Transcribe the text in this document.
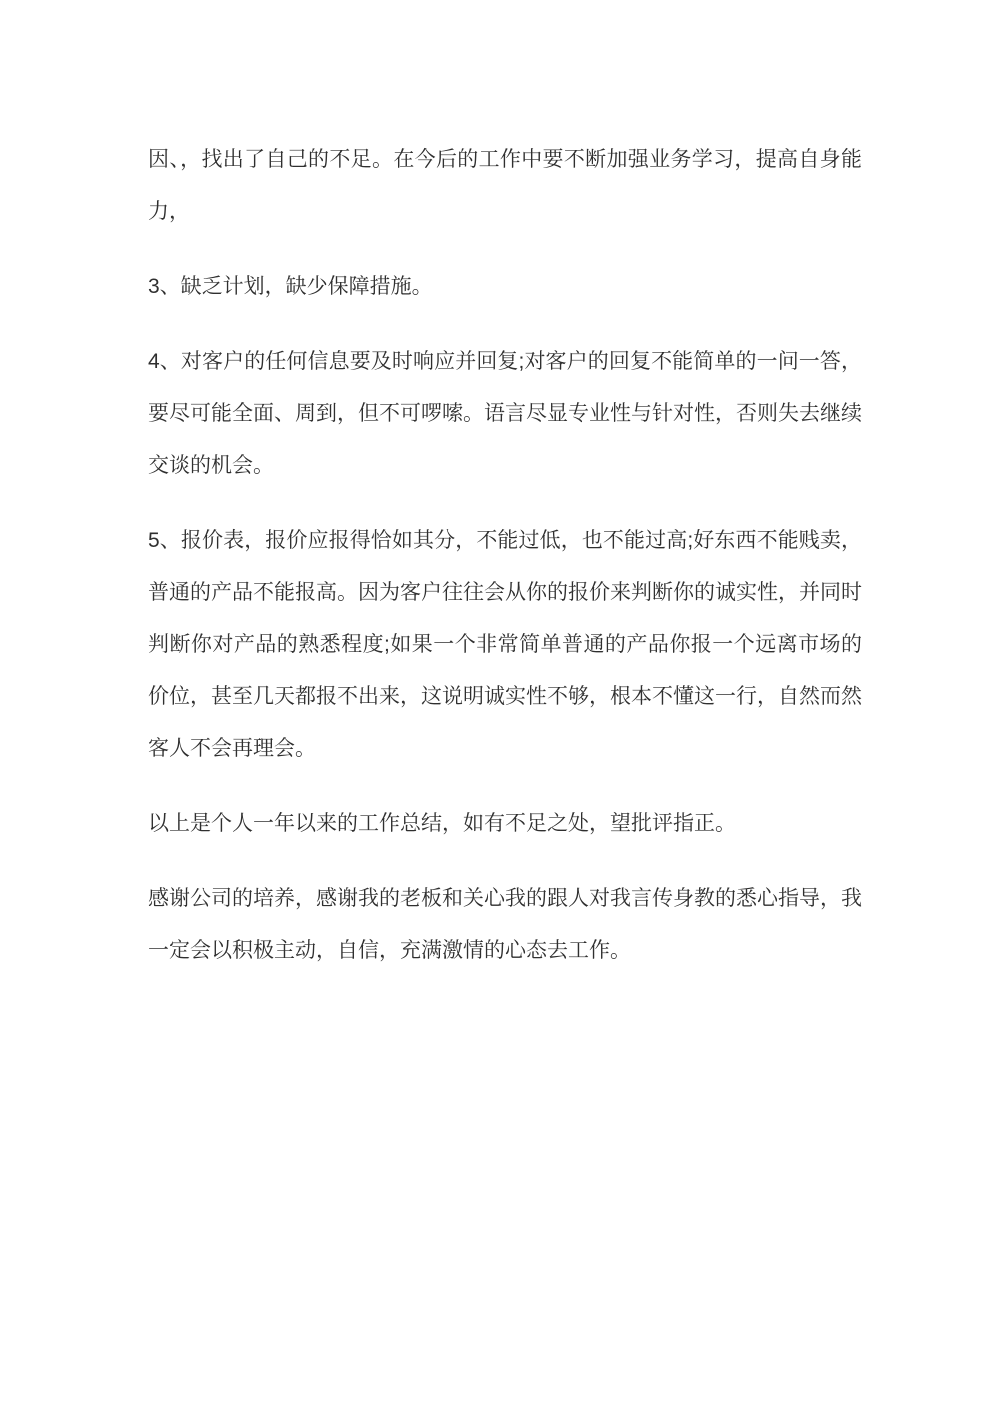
因、，找出了自己的不足。在今后的工作中要不断加强业务学习，提高自身能力，

3、缺乏计划，缺少保障措施。

4、对客户的任何信息要及时响应并回复;对客户的回复不能简单的一问一答，要尽可能全面、周到，但不可啰嗦。语言尽显专业性与针对性，否则失去继续交谈的机会。

5、报价表，报价应报得恰如其分，不能过低，也不能过高;好东西不能贱卖，普通的产品不能报高。因为客户往往会从你的报价来判断你的诚实性，并同时判断你对产品的熟悉程度;如果一个非常简单普通的产品你报一个远离市场的价位，甚至几天都报不出来，这说明诚实性不够，根本不懂这一行，自然而然客人不会再理会。

以上是个人一年以来的工作总结，如有不足之处，望批评指正。

感谢公司的培养，感谢我的老板和关心我的跟人对我言传身教的悉心指导，我一定会以积极主动，自信，充满激情的心态去工作。
